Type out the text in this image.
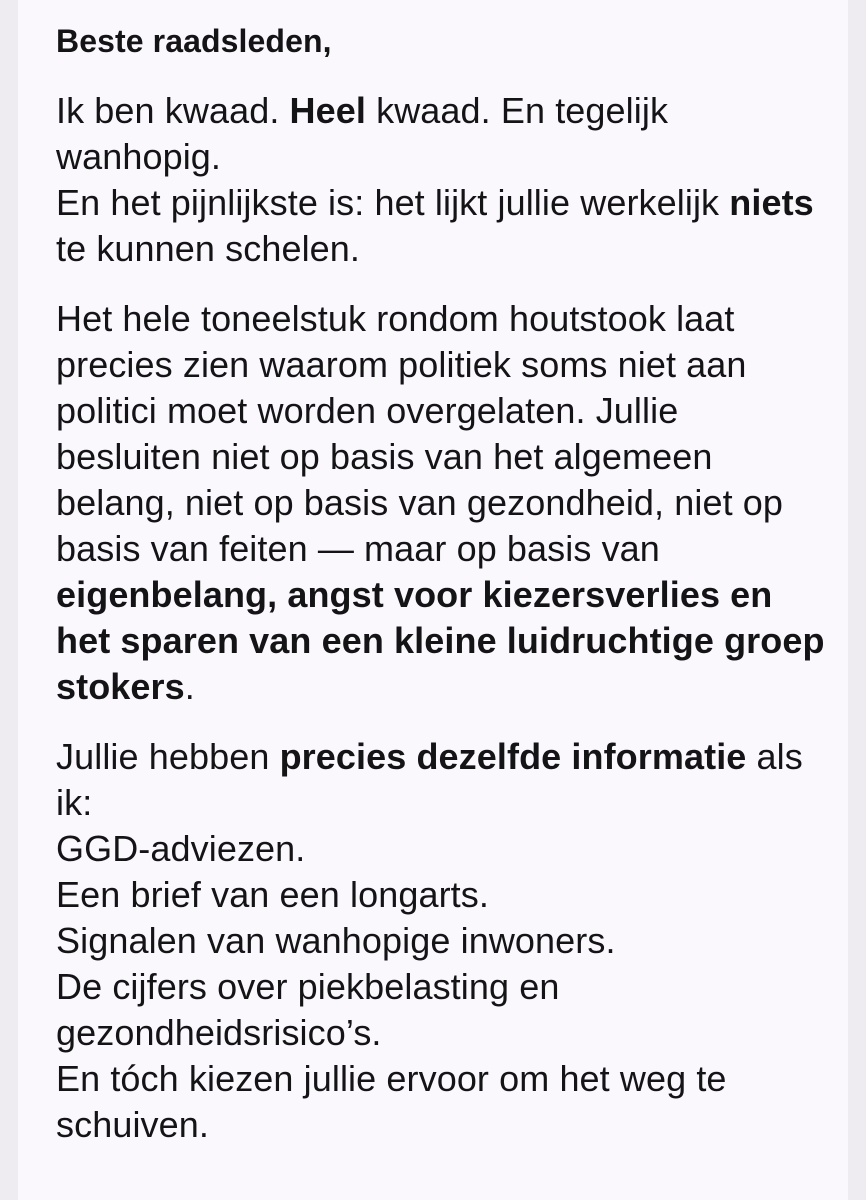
Beste raadsleden,

Ik ben kwaad. Heel kwaad. En tegelijk wanhopig.
En het pijnlijkste is: het lijkt jullie werkelijk niets te kunnen schelen.

Het hele toneelstuk rondom houtstook laat precies zien waarom politiek soms niet aan politici moet worden overgelaten. Jullie besluiten niet op basis van het algemeen belang, niet op basis van gezondheid, niet op basis van feiten — maar op basis van eigenbelang, angst voor kiezersverlies en het sparen van een kleine luidruchtige groep stokers.

Jullie hebben precies dezelfde informatie als ik:
GGD-adviezen.
Een brief van een longarts.
Signalen van wanhopige inwoners.
De cijfers over piekbelasting en gezondheidsrisico’s.
En tóch kiezen jullie ervoor om het weg te schuiven.
